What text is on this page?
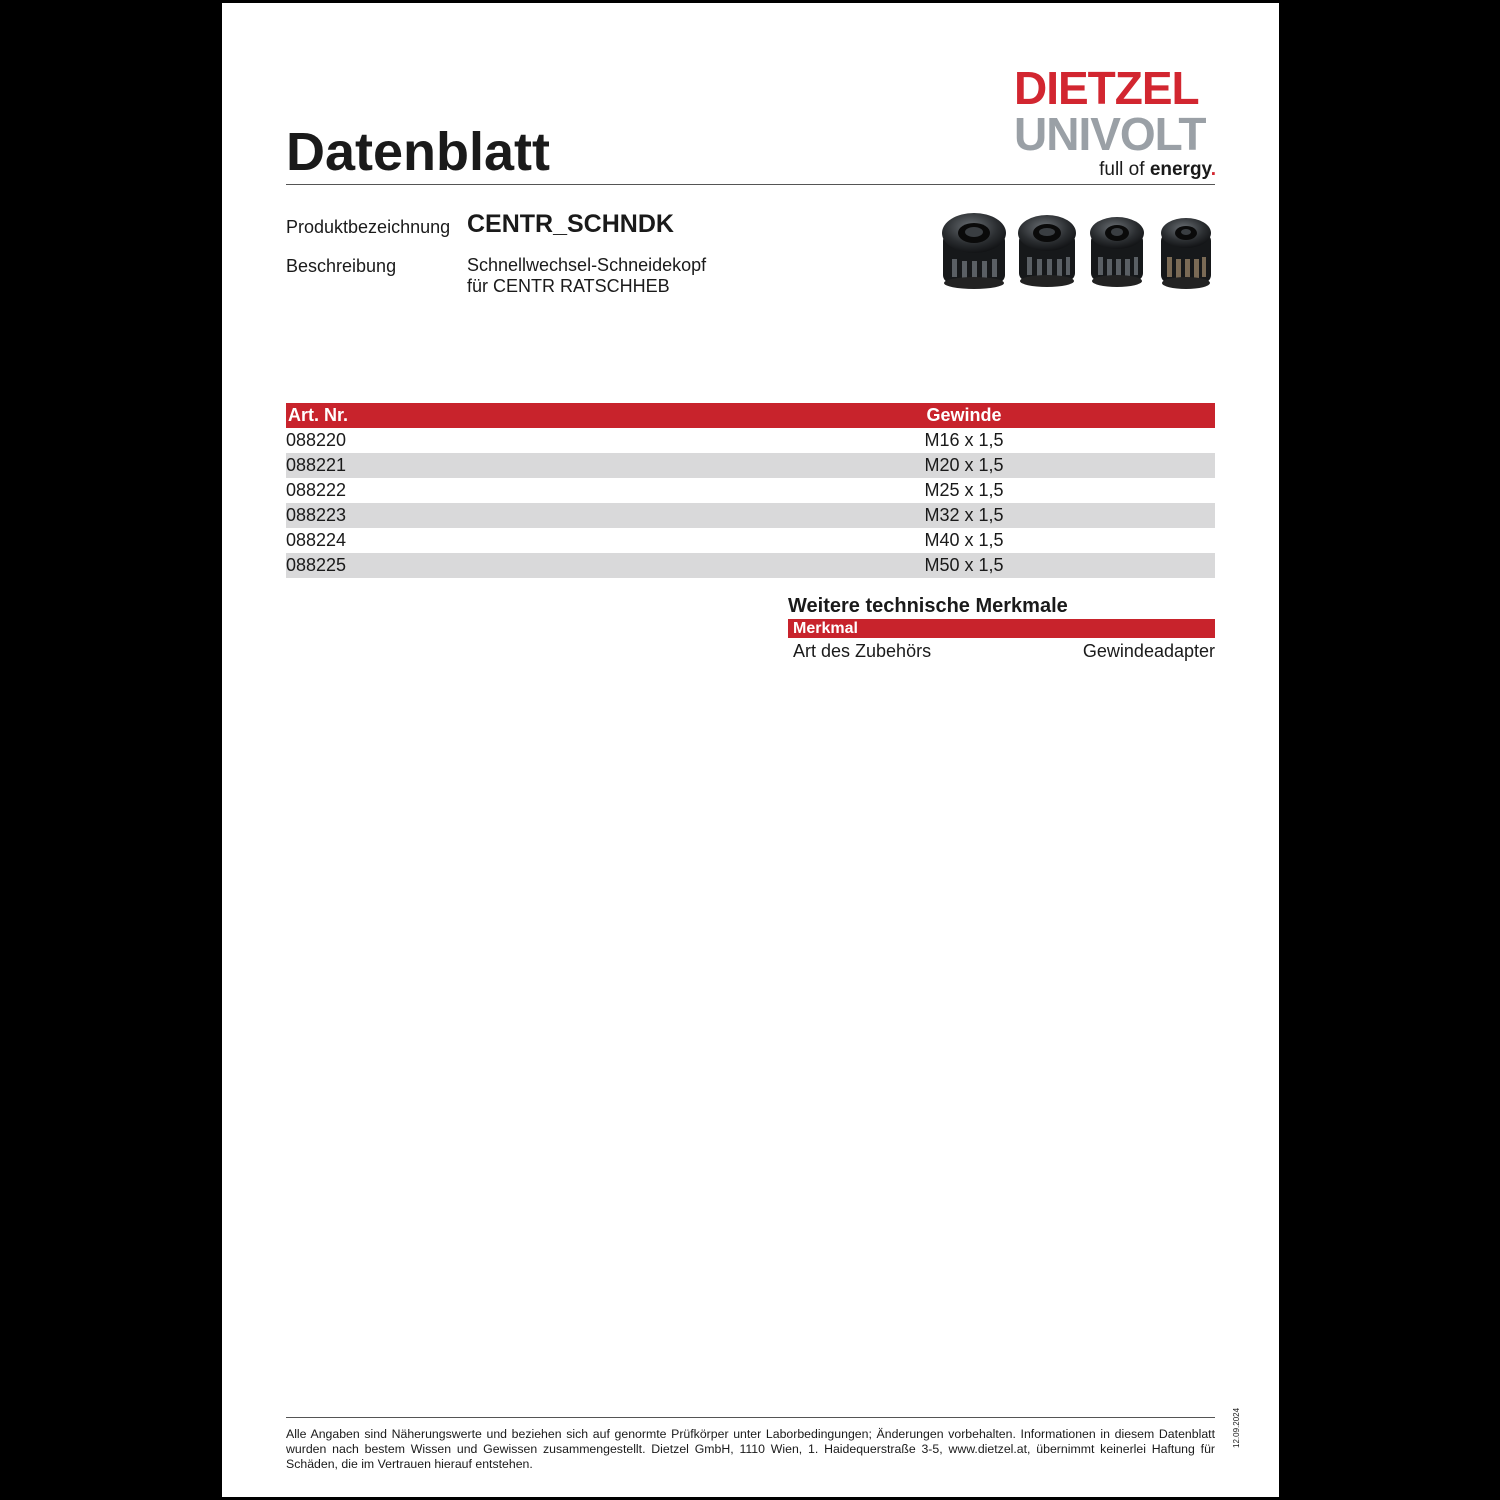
Datenblatt
DIETZEL
UNIVOLT
full of energy.
Produktbezeichnung CENTR_SCHNDK
Beschreibung	Schnellwechsel-Schneidekopf
für CENTR RATSCHHEB
Art. Nr.	Gewinde
088220	M16 x 1,5
088221	M20 x 1,5
088222	M25 x 1,5
088223	M32 x 1,5
088224	M40 x 1,5
088225	M50 x 1,5
Weitere technische Merkmale
Merkmal
Art des Zubehörs	Gewindeadapter
Alle Angaben sind Näherungswerte und beziehen sich auf genormte Prüfkörper unter Laborbedingungen; Änderungen vorbehalten. Informationen in diesem Datenblatt wurden nach bestem Wissen und Gewissen zusammengestellt. Dietzel GmbH, 1110 Wien, 1. Haidequerstraße 3-5, www.dietzel.at, übernimmt keinerlei Haftung für Schäden, die im Vertrauen hierauf entstehen.
12.09.2024
